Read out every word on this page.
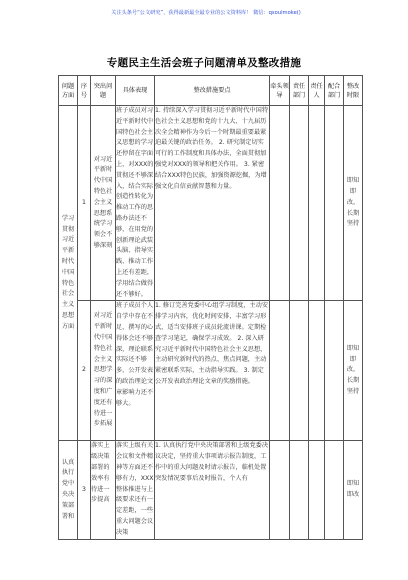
关注头条号“公文研究”，获得最新最全最专业的公文资料库！ 微信：qsoulmoke()
专题民主生活会班子问题清单及整改措施
问题方面	序号	突出问题	具体表现	整改措施要点	牵头领导	责任部门	责任人	配合部门	整改时限
学习贯彻习近平新时代中国特色社会主义思想方面	1	对习近平新时代中国特色社会主义思想系统学习领会不够深刻	班子成员对习近平新时代中国特色社会主义思想的学习还停留在字面上，对XXX的贯彻还不够深入，结合实际创造性转化为推动工作的思路办法还不够，在用党的创新理论武装头脑、指导实践、推动工作上还有差距，学用结合做得还不够好。	1. 持续深入学习贯彻习近平新时代中国特色社会主义思想和党的十九大、十九届历次全会精神作为今后一个时期最重要最紧迫最关键的政治任务。 2. 研究制定切实可行的工作制度和具体办法，全面贯彻加强党对XXX的领导和把关作用。 3. 紧密结合XXX特色民族，加强资源挖掘，为增强文化自信贡献智慧和力量。					即知即改，长期坚持
	2	对习近平新时代中国特色社会主义思想学习的深度和广度还有待进一步拓展	班子成员个人自学中存在不足，撰写的心得体会还不够深，理论联系实际还不够多，公开发表的政治理论文章影响力还不够大。	1. 修订完善党委中心组学习制度，主动安排学习内容，优化时间安排，丰富学习形式，适当安排班子成员轮流讲课。定期检查学习笔记，确保学习成效。 2. 深入研究习近平新时代中国特色社会主义思想，主动研究新时代的热点、焦点问题，主动紧密联系实际，主动指导实践。 3. 制定公开发表政治理论文章的奖励措施。					即知即改，长期坚持
认真执行党中央决策部署和	3	落实上级决策部署的效率有待进一步提高	落实上级有关会议和文件精神等方面还不够有力，XXX整体推进与上级要求还有一定差距，一些重大问题会议决策	1. 认真执行党中央决策部署和上级党委决议决定，坚持重大事项请示报告制度，工作中的重大问题及时请示报告，临机处置突发情况要事后及时报告，个人有					即知即改
